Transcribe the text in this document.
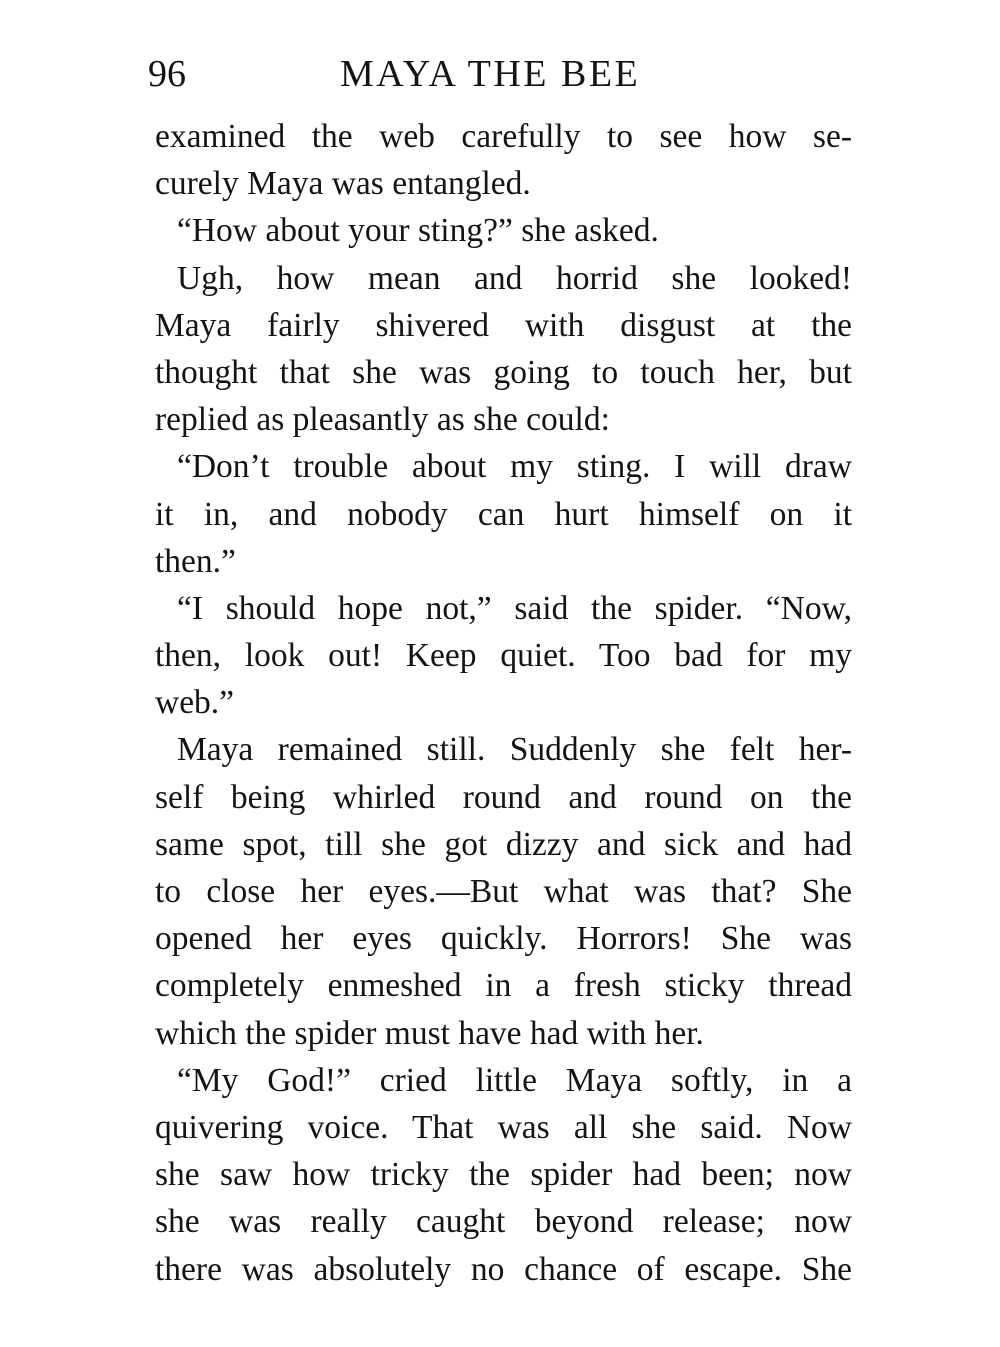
96	MAYA THE BEE
examined the web carefully to see how se-
curely Maya was entangled.
“How about your sting?” she asked.
Ugh, how mean and horrid she looked!
Maya fairly shivered with disgust at the
thought that she was going to touch her, but
replied as pleasantly as she could:
“Don’t trouble about my sting. I will draw
it in, and nobody can hurt himself on it
then.”
“I should hope not,” said the spider. “Now,
then, look out! Keep quiet. Too bad for my
web.”
Maya remained still. Suddenly she felt her-
self being whirled round and round on the
same spot, till she got dizzy and sick and had
to close her eyes.—But what was that? She
opened her eyes quickly. Horrors! She was
completely enmeshed in a fresh sticky thread
which the spider must have had with her.
“My God!” cried little Maya softly, in a
quivering voice. That was all she said. Now
she saw how tricky the spider had been; now
she was really caught beyond release; now
there was absolutely no chance of escape. She
